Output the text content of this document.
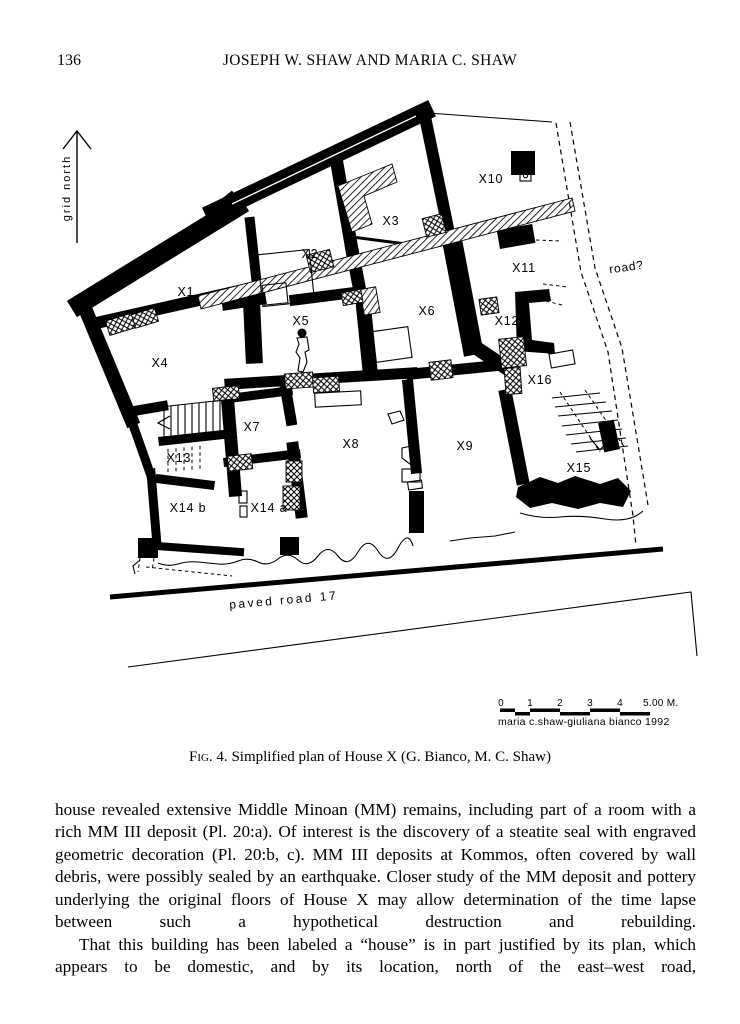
136	JOSEPH W. SHAW AND MARIA C. SHAW
grid north
paved road 17
X1
X2
X3
X4
X5
X6
X7
X8	X9
X10
X11
X12
X13
X14 b	X14 a
X15
X16
road?
0 1 2 3 4 5.00 M.
maria c.shaw-giuliana bianco 1992
Fig. 4. Simplified plan of House X (G. Bianco, M. C. Shaw)

house revealed extensive Middle Minoan (MM) remains, including part of a room with a rich MM III deposit (Pl. 20:a). Of interest is the discovery of a steatite seal with engraved geometric decoration (Pl. 20:b, c). MM III deposits at Kommos, often covered by wall debris, were possibly sealed by an earthquake. Closer study of the MM deposit and pottery underlying the original floors of House X may allow determination of the time lapse between such a hypothetical destruction and rebuilding.

That this building has been labeled a “house” is in part justified by its plan, which appears to be domestic, and by its location, north of the east–west road,
